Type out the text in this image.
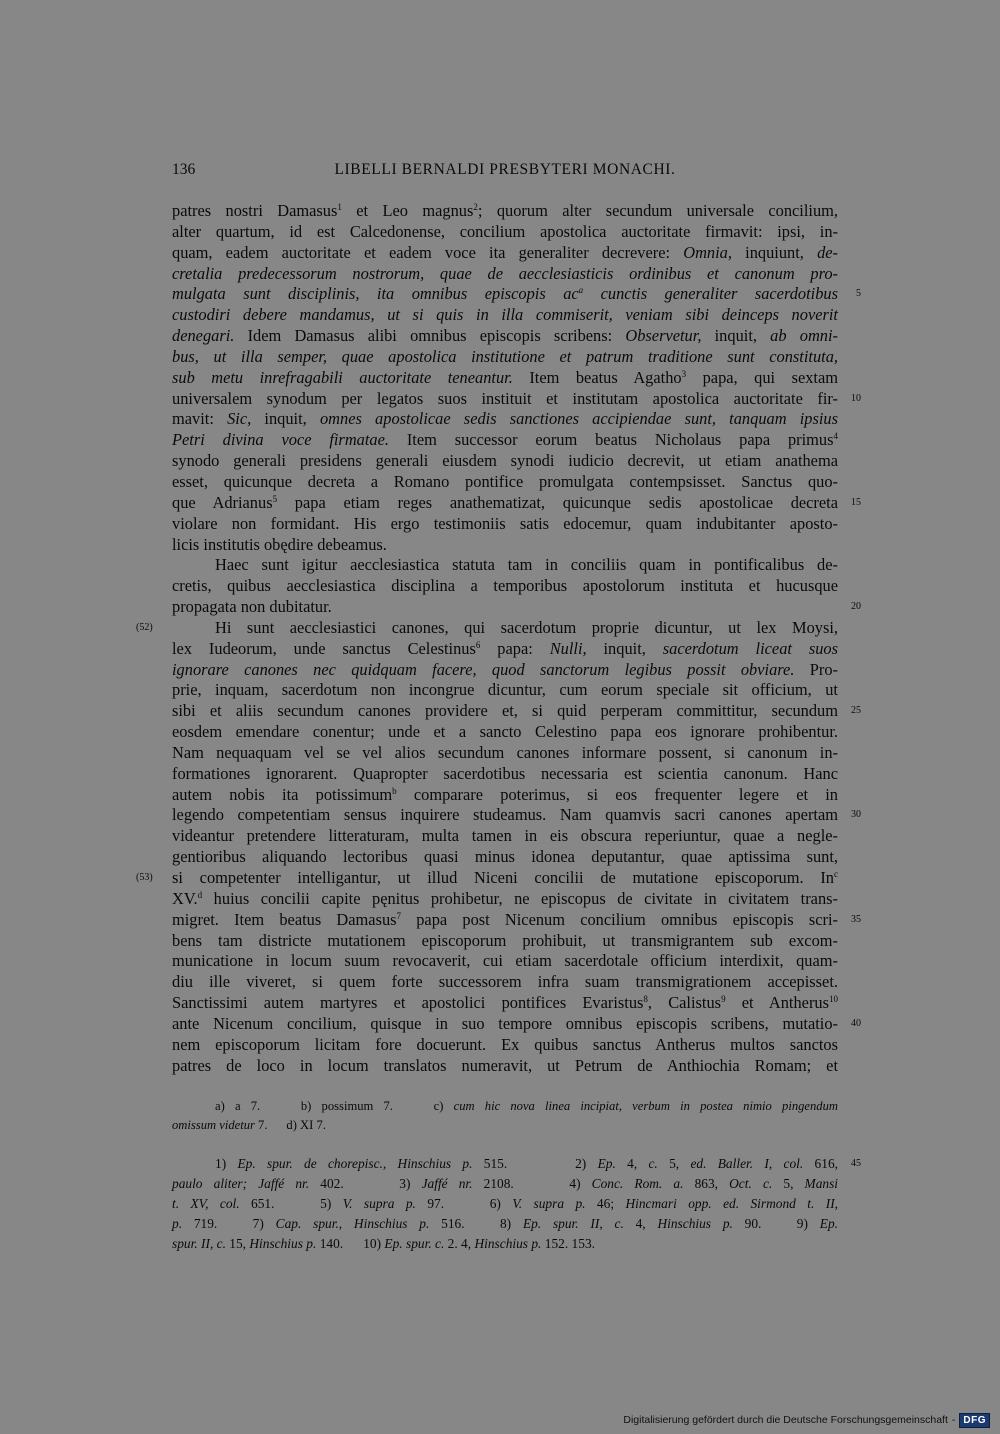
136	LIBELLI BERNALDI PRESBYTERI MONACHI.
patres nostri Damasus$^1$ et Leo magnus$^2$; quorum alter secundum universale concilium,
alter quartum, id est Calcedonense, concilium apostolica auctoritate firmavit: ipsi, in-
quam, eadem auctoritate et eadem voce ita generaliter decrevere: Omnia, inquiunt, de-
cretalia predecessorum nostrorum, quae de aecclesiasticis ordinibus et canonum pro-
mulgata sunt disciplinis, ita omnibus episcopis $ac^a$ cunctis generaliter sacerdotibus 5
custodiri debere mandamus, ut si quis in illa commiserit, veniam sibi deinceps noverit
denegari. Idem Damasus alibi omnibus episcopis scribens: Observetur, inquit, ab omni-
bus, ut illa semper, quae apostolica institutione et patrum traditione sunt constituta,
sub metu inrefragabili auctoritate teneantur. Item beatus Agatho$^3$ papa, qui sextam
universalem synodum per legatos suos instituit et institutam apostolica auctoritate fir- 10
mavit: Sic, inquit, omnes apostolicae sedis sanctiones accipiendae sunt, tanquam ipsius
Petri divina voce firmatae. Item successor eorum beatus Nicholaus papa primus$^4$
synodo generali presidens generali eiusdem synodi iudicio decrevit, ut etiam anathema
esset, quicunque decreta a Romano pontifice promulgata contempsisset. Sanctus quo-
que Adrianus$^5$ papa etiam reges anathematizat, quicunque sedis apostolicae decreta 15
violare non formidant. His ergo testimoniis satis edocemur, quam indubitanter aposto-
licis institutis obędire debeamus.
Haec sunt igitur aecclesiastica statuta tam in conciliis quam in pontificalibus de-
cretis, quibus aecclesiastica disciplina a temporibus apostolorum instituta et hucusque
propagata non dubitatur.	20
(52)	Hi sunt aecclesiastici canones, qui sacerdotum proprie dicuntur, ut lex Moysi,
lex Iudeorum, unde sanctus Celestinus$^6$ papa: Nulli, inquit, sacerdotum liceat suos
ignorare canones nec quidquam facere, quod sanctorum legibus possit obviare. Pro-
prie, inquam, sacerdotum non incongrue dicuntur, cum eorum speciale sit officium, ut
sibi et aliis secundum canones providere et, si quid perperam committitur, secundum 25
eosdem emendare conentur; unde et a sancto Celestino papa eos ignorare prohibentur.
Nam nequaquam vel se vel alios secundum canones informare possent, si canonum in-
formationes ignorarent. Quapropter sacerdotibus necessaria est scientia canonum. Hanc
autem nobis ita potissimum$^b$ comparare poterimus, si eos frequenter legere et in
legendo competentiam sensus inquirere studeamus. Nam quamvis sacri canones apertam 30
videantur pretendere litteraturam, multa tamen in eis obscura reperiuntur, quae a negle-
gentioribus aliquando lectoribus quasi minus idonea deputantur, quae aptissima sunt,
(53) si competenter intelligantur, ut illud Niceni concilii de mutatione episcoporum. In$^c$
XV.$^d$ huius concilii capite pęnitus prohibetur, ne episcopus de civitate in civitatem trans-
migret. Item beatus Damasus$^7$ papa post Nicenum concilium omnibus episcopis scri- 35
bens tam districte mutationem episcoporum prohibuit, ut transmigrantem sub excom-
municatione in locum suum revocaverit, cui etiam sacerdotale officium interdixit, quam-
diu ille viveret, si quem forte successorem infra suam transmigrationem accepisset.
Sanctissimi autem martyres et apostolici pontifices Evaristus$^8$, Calistus$^9$ et Antherus$^{10}$
ante Nicenum concilium, quisque in suo tempore omnibus episcopis scribens, mutatio- 40
nem episcoporum licitam fore docuerunt. Ex quibus sanctus Antherus multos sanctos
patres de loco in locum translatos numeravit, ut Petrum de Anthiochia Romam; et
a) a 7.    b) possimum 7.    c) cum hic nova linea incipiat, verbum in postea nimio pingendum
omissum videtur 7.      d) XI 7.
1) Ep. spur. de chorepisc., Hinschius p. 515.      2) Ep. 4, c. 5, ed. Baller. I, col. 616, 45
paulo aliter; Jaffé nr. 402.     3) Jaffé nr. 2108.     4) Conc. Rom. a. 863, Oct. c. 5, Mansi
t. XV, col. 651.    5) V. supra p. 97.    6) V. supra p. 46; Hincmari opp. ed. Sirmond t. II,
p. 719.   7) Cap. spur., Hinschius p. 516.   8) Ep. spur. II, c. 4, Hinschius p. 90.   9) Ep.
spur. II, c. 15, Hinschius p. 140.      10) Ep. spur. c. 2. 4, Hinschius p. 152. 153.
Digitalisierung gefördert durch die Deutsche Forschungsgemeinschaft - DFG
